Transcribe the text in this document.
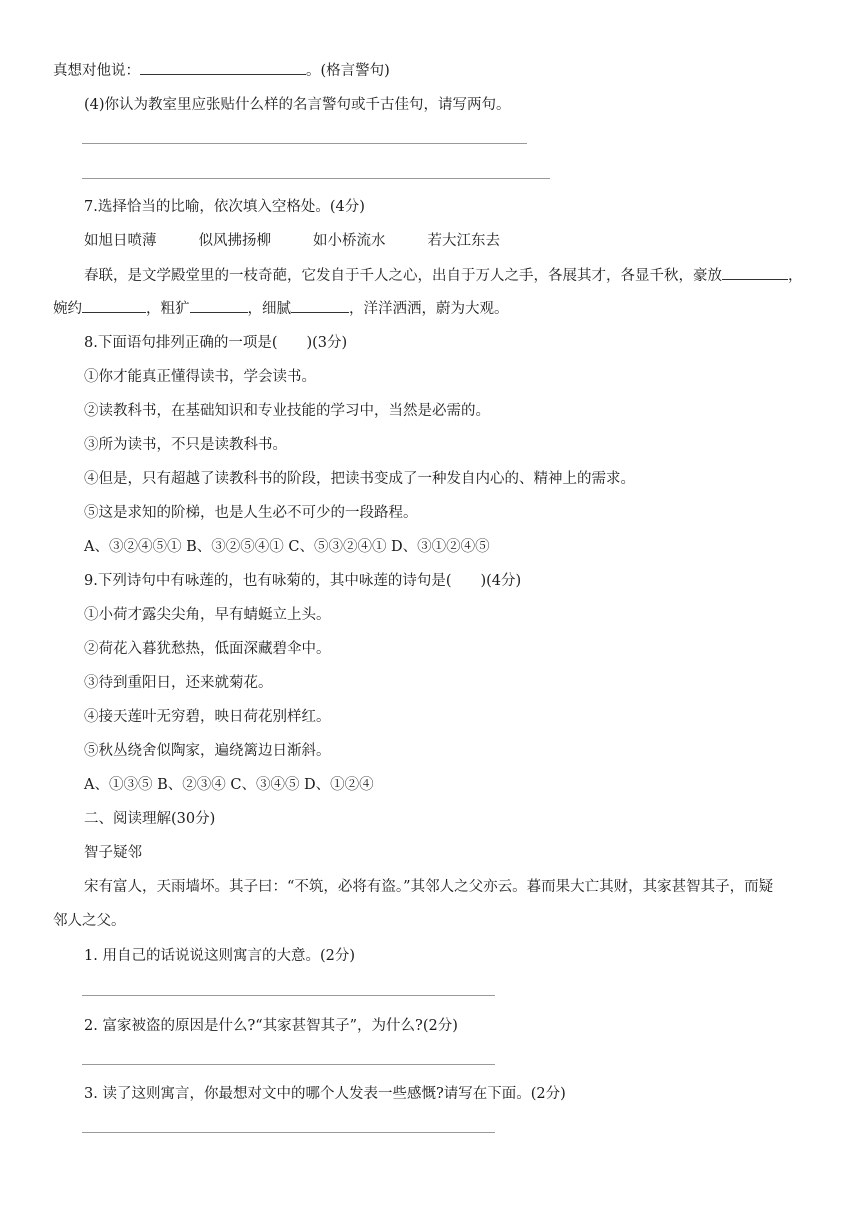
真想对他说：	。(格言警句)
(4)你认为教室里应张贴什么样的名言警句或千古佳句，请写两句。
7.选择恰当的比喻，依次填入空格处。(4分)
如旭日喷薄	似风拂扬柳	如小桥流水	若大江东去
春联，是文学殿堂里的一枝奇葩，它发自于千人之心，出自于万人之手，各展其才，各显千秋，豪放	，
婉约	，粗犷	，细腻	，洋洋洒洒，蔚为大观。
8.下面语句排列正确的一项是(　　)(3分)
①你才能真正懂得读书，学会读书。
②读教科书，在基础知识和专业技能的学习中，当然是必需的。
③所为读书，不只是读教科书。
④但是，只有超越了读教科书的阶段，把读书变成了一种发自内心的、精神上的需求。
⑤这是求知的阶梯，也是人生必不可少的一段路程。
A、③②④⑤① B、③②⑤④① C、⑤③②④① D、③①②④⑤
9.下列诗句中有咏莲的，也有咏菊的，其中咏莲的诗句是(　　)(4分)
①小荷才露尖尖角，早有蜻蜓立上头。
②荷花入暮犹愁热，低面深藏碧伞中。
③待到重阳日，还来就菊花。
④接天莲叶无穷碧，映日荷花别样红。
⑤秋丛绕舍似陶家，遍绕篱边日渐斜。
A、①③⑤ B、②③④ C、③④⑤ D、①②④
二、阅读理解(30分)
智子疑邻
宋有富人，天雨墙坏。其子曰：“不筑，必将有盗。”其邻人之父亦云。暮而果大亡其财，其家甚智其子，而疑
邻人之父。
1. 用自己的话说说这则寓言的大意。(2分)
2. 富家被盗的原因是什么?“其家甚智其子”，为什么?(2分)
3. 读了这则寓言，你最想对文中的哪个人发表一些感慨?请写在下面。(2分)
